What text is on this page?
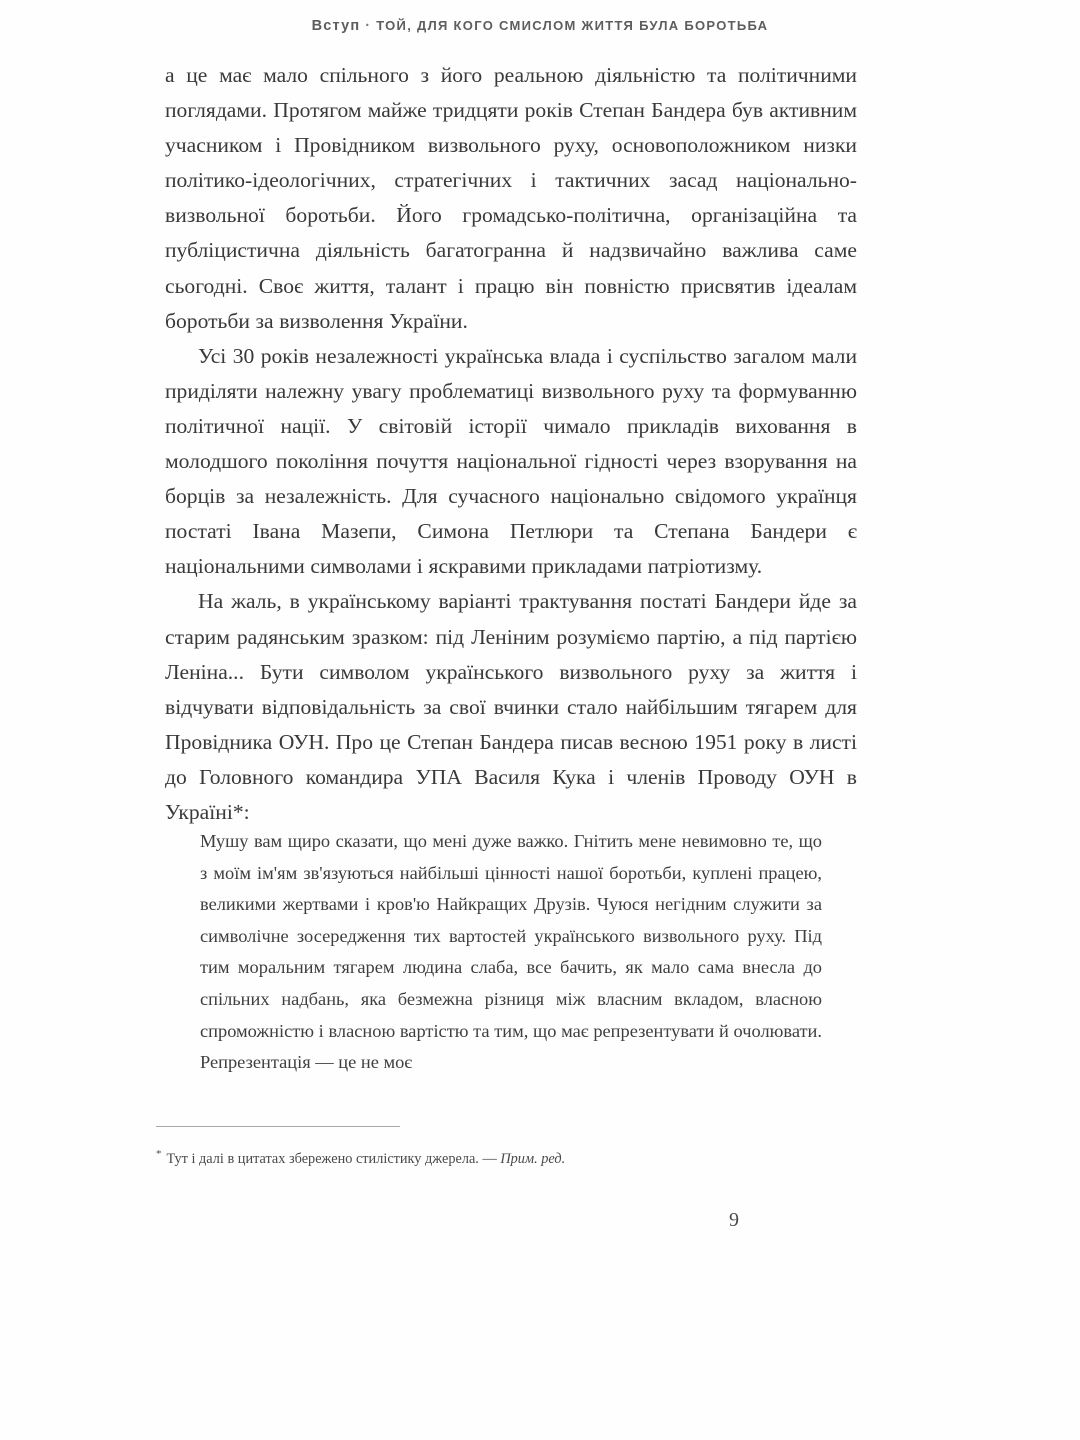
Вступ · ТОЙ, ДЛЯ КОГО СМИСЛОМ ЖИТТЯ БУЛА БОРОТЬБА

а це має мало спільного з його реальною діяльністю та політичними поглядами. Протягом майже тридцяти років Степан Бандера був активним учасником і Провідником визвольного руху, основоположником низки політико-ідеологічних, стратегічних і тактичних засад національно-визвольної боротьби. Його громадсько-політична, організаційна та публіцистична діяльність багатогранна й надзвичайно важлива саме сьогодні. Своє життя, талант і працю він повністю присвятив ідеалам боротьби за визволення України.

Усі 30 років незалежності українська влада і суспільство загалом мали приділяти належну увагу проблематиці визвольного руху та формуванню політичної нації. У світовій історії чимало прикладів виховання в молодшого покоління почуття національної гідності через взорування на борців за незалежність. Для сучасного національно свідомого українця постаті Івана Мазепи, Симона Петлюри та Степана Бандери є національними символами і яскравими прикладами патріотизму.

На жаль, в українському варіанті трактування постаті Бандери йде за старим радянським зразком: під Леніним розуміємо партію, а під партією Леніна... Бути символом українського визвольного руху за життя і відчувати відповідальність за свої вчинки стало найбільшим тягарем для Провідника ОУН. Про це Степан Бандера писав весною 1951 року в листі до Головного командира УПА Василя Кука і членів Проводу ОУН в Україні*:

Мушу вам щиро сказати, що мені дуже важко. Гнітить мене невимовно те, що з моїм ім'ям зв'язуються найбільші цінності нашої боротьби, куплені працею, великими жертвами і кров'ю Найкращих Друзів. Чуюся негідним служити за символічне зосередження тих вартостей українського визвольного руху. Під тим моральним тягарем людина слаба, все бачить, як мало сама внесла до спільних надбань, яка безмежна різниця між власним вкладом, власною спроможністю і власною вартістю та тим, що має репрезентувати й очолювати. Репрезентація — це не моє

* Тут і далі в цитатах збережено стилістику джерела. — Прим. ред.
9
